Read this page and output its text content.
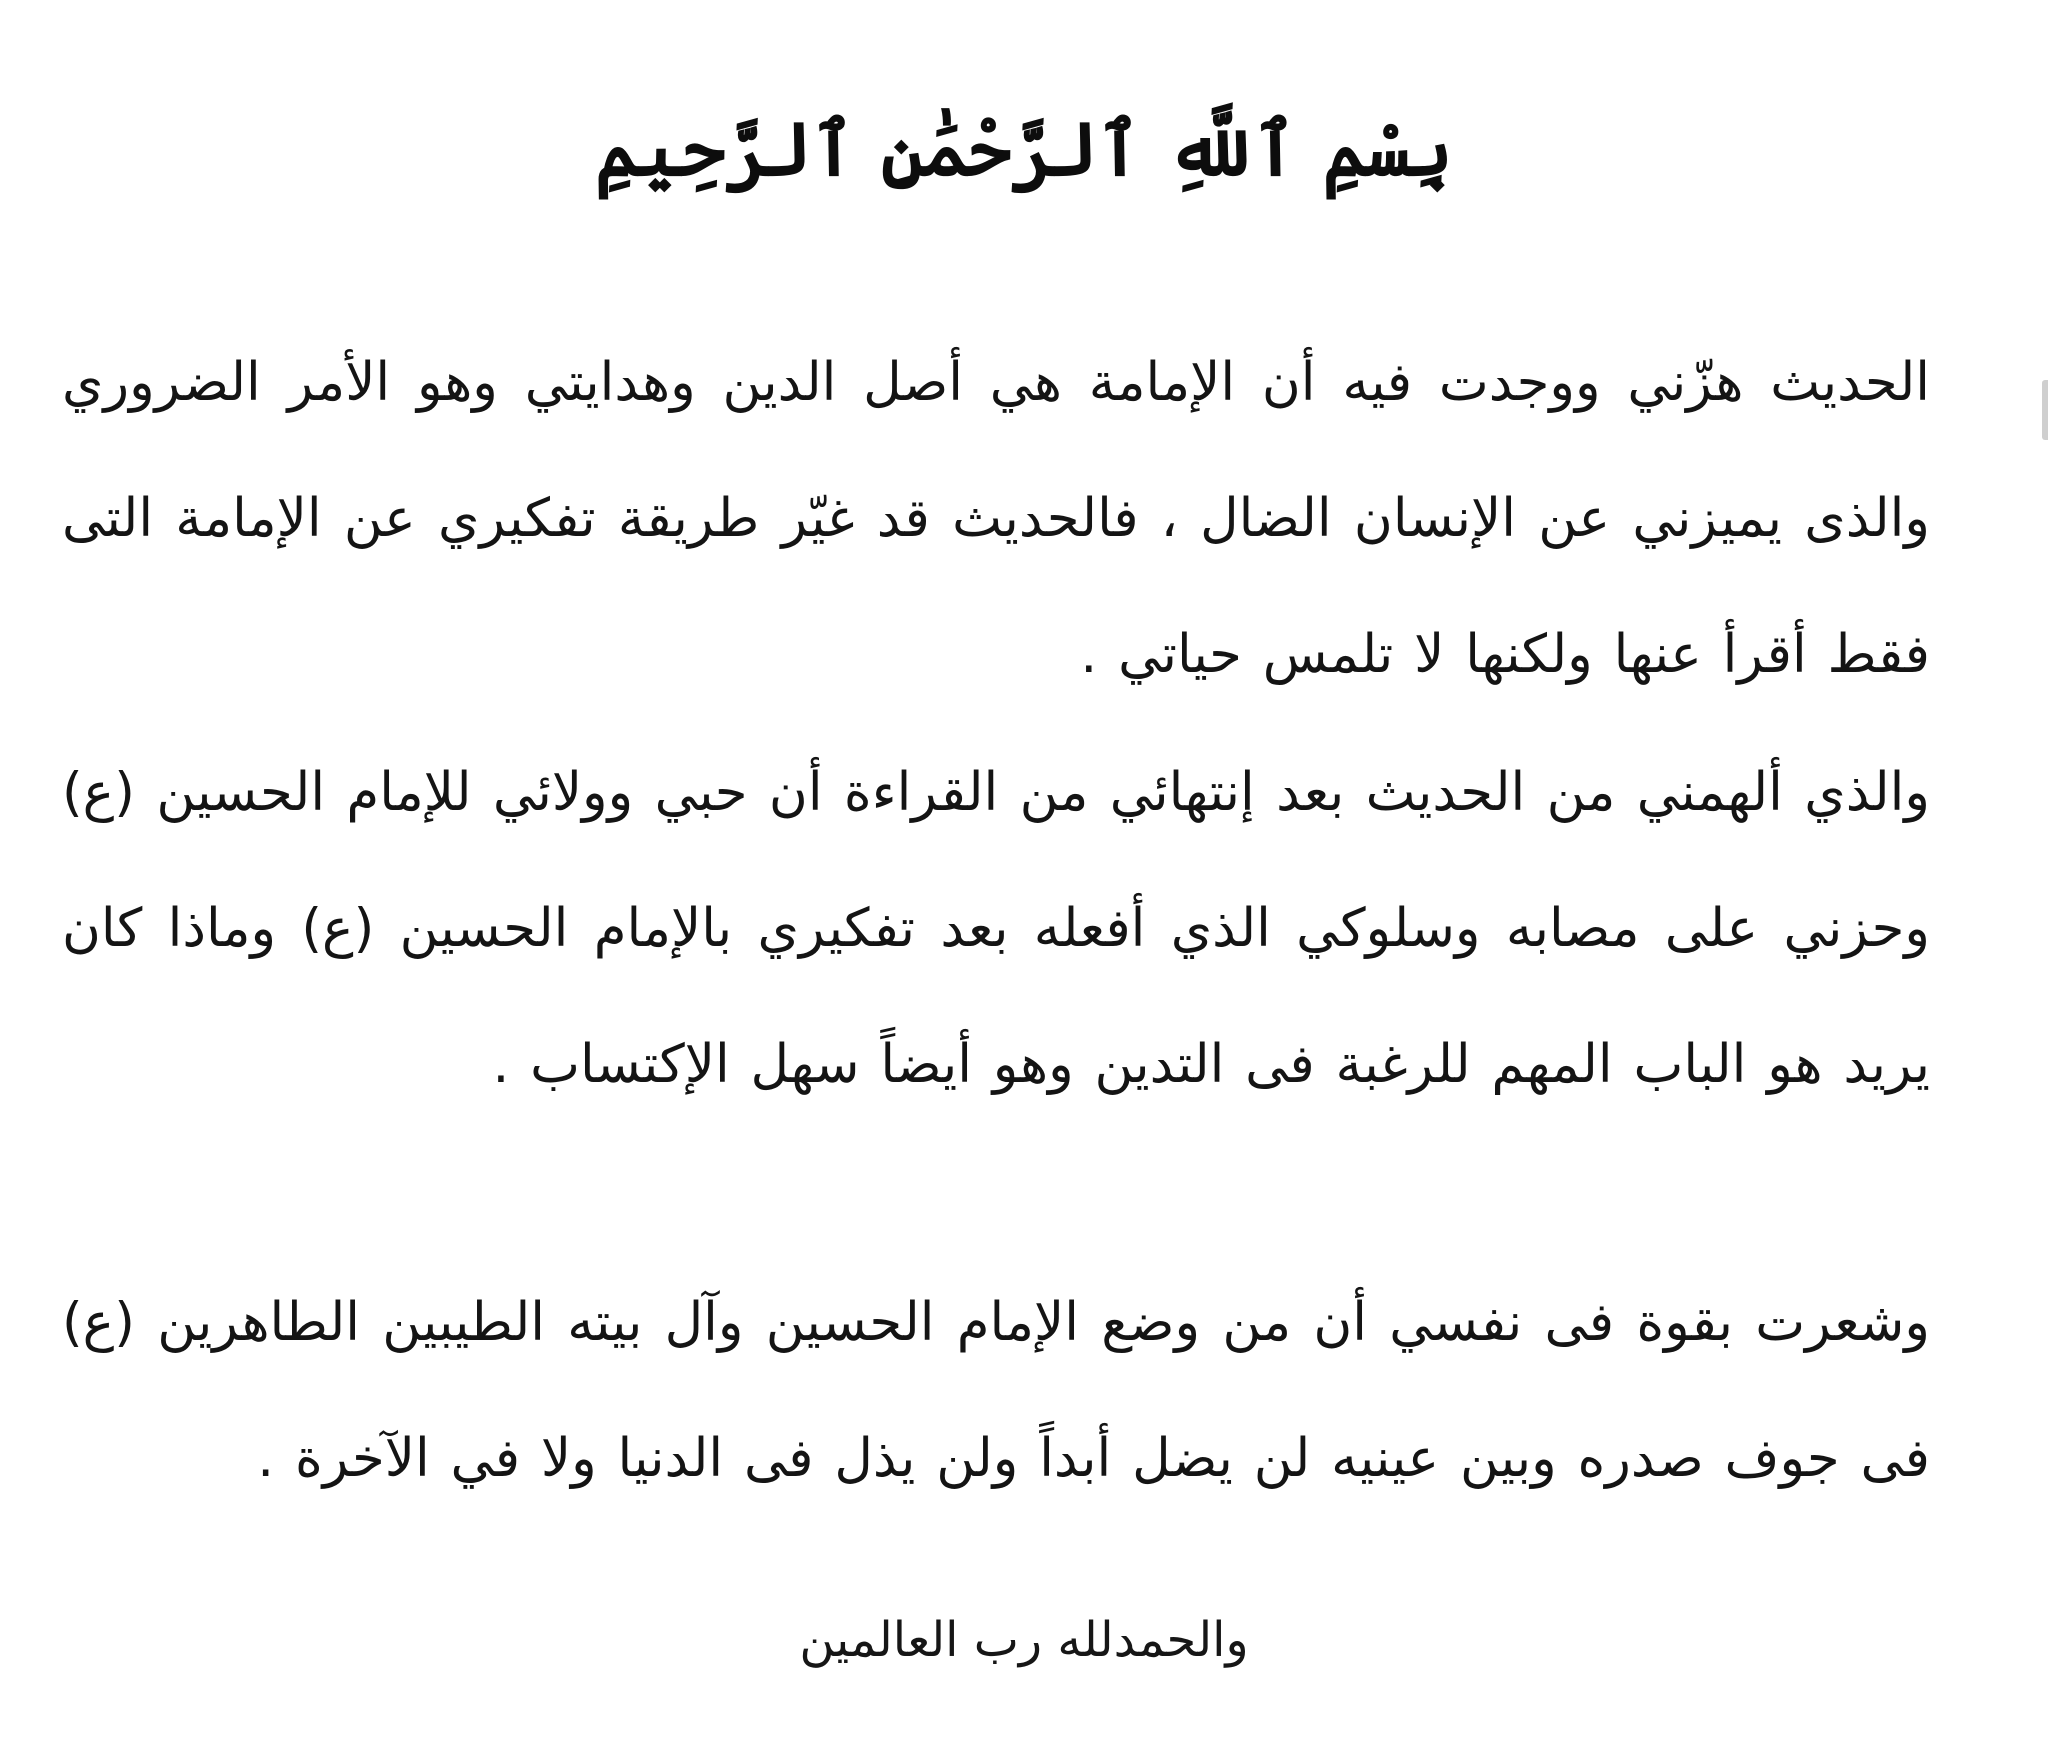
بِسْمِ ٱللَّهِ ٱلرَّحْمَٰنِ ٱلرَّحِيمِ

الحديث هزّني ووجدت فيه أن الإمامة هي أصل الدين وهدايتي وهو الأمر الضروري والذى يميزني عن الإنسان الضال ، فالحديث قد غيّر طريقة تفكيري عن الإمامة التى فقط أقرأ عنها ولكنها لا تلمس حياتي .

والذي ألهمني من الحديث بعد إنتهائي من القراءة أن حبي وولائي للإمام الحسين (ع) وحزني على مصابه وسلوكي الذي أفعله بعد تفكيري بالإمام الحسين (ع) وماذا كان يريد هو الباب المهم للرغبة فى التدين وهو أيضاً سهل الإكتساب .

وشعرت بقوة فى نفسي أن من وضع الإمام الحسين وآل بيته الطيبين الطاهرين (ع) فى جوف صدره وبين عينيه لن يضل أبداً ولن يذل فى الدنيا ولا في الآخرة .

والحمدلله رب العالمين
